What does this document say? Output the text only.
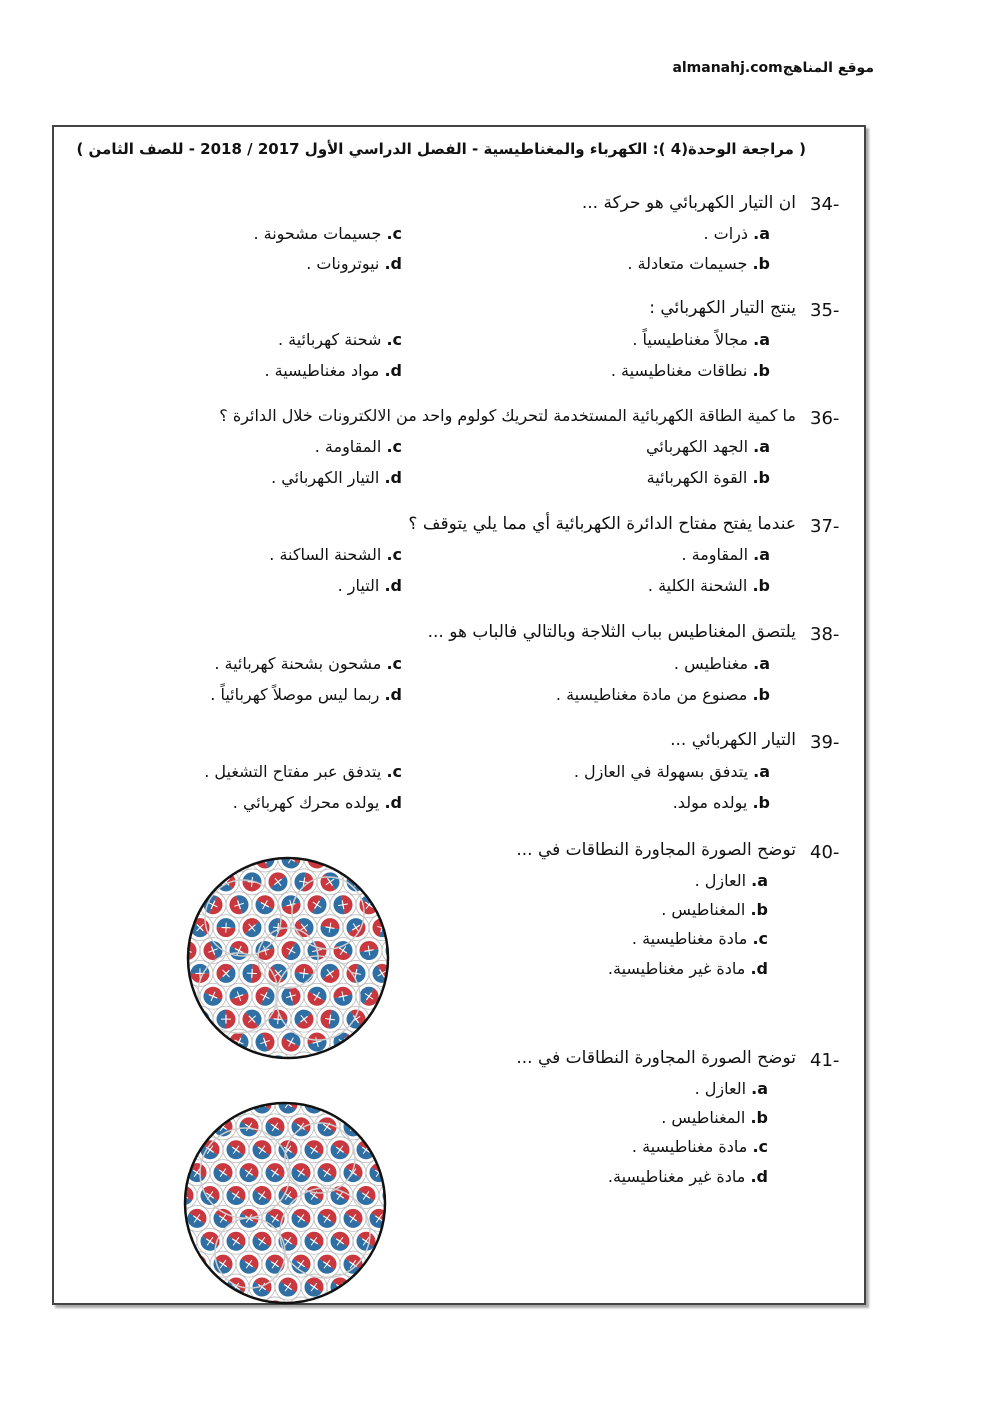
موقع المناهجalmanahj.com
( مراجعة الوحدة(4 ): الكهرباء والمغناطيسية - الفصل الدراسي الأول 2017 / 2018 - للصف الثامن )
34-
ان التيار الكهربائي هو حركة ...
a. ذرات .
b. جسيمات متعادلة .
c. جسيمات مشحونة .
d. نيوترونات .
35-
ينتج التيار الكهربائي :
a. مجالاً مغناطيسياً .
b. نطاقات مغناطيسية .
c. شحنة كهربائية .
d. مواد مغناطيسية .
36-
ما كمية الطاقة الكهربائية المستخدمة لتحريك كولوم واحد من الالكترونات خلال الدائرة ؟
a. الجهد الكهربائي
b. القوة الكهربائية
c. المقاومة .
d. التيار الكهربائي .
37-
عندما يفتح مفتاح الدائرة الكهربائية أي مما يلي يتوقف ؟
a. المقاومة .
b. الشحنة الكلية .
c. الشحنة الساكنة .
d. التيار .
38-
يلتصق المغناطيس بباب الثلاجة وبالتالي فالباب هو ...
a. مغناطيس .
b. مصنوع من مادة مغناطيسية .
c. مشحون بشحنة كهربائية .
d. ربما ليس موصلاً كهربائياً .
39-
التيار الكهربائي ...
a. يتدفق بسهولة في العازل .
b. يولده مولد.
c. يتدفق عبر مفتاح التشغيل .
d. يولده محرك كهربائي .
40-
توضح الصورة المجاورة النطاقات في ...
a. العازل .
b. المغناطيس .
c. مادة مغناطيسية .
d. مادة غير مغناطيسية.
41-
توضح الصورة المجاورة النطاقات في ...
a. العازل .
b. المغناطيس .
c. مادة مغناطيسية .
d. مادة غير مغناطيسية.
